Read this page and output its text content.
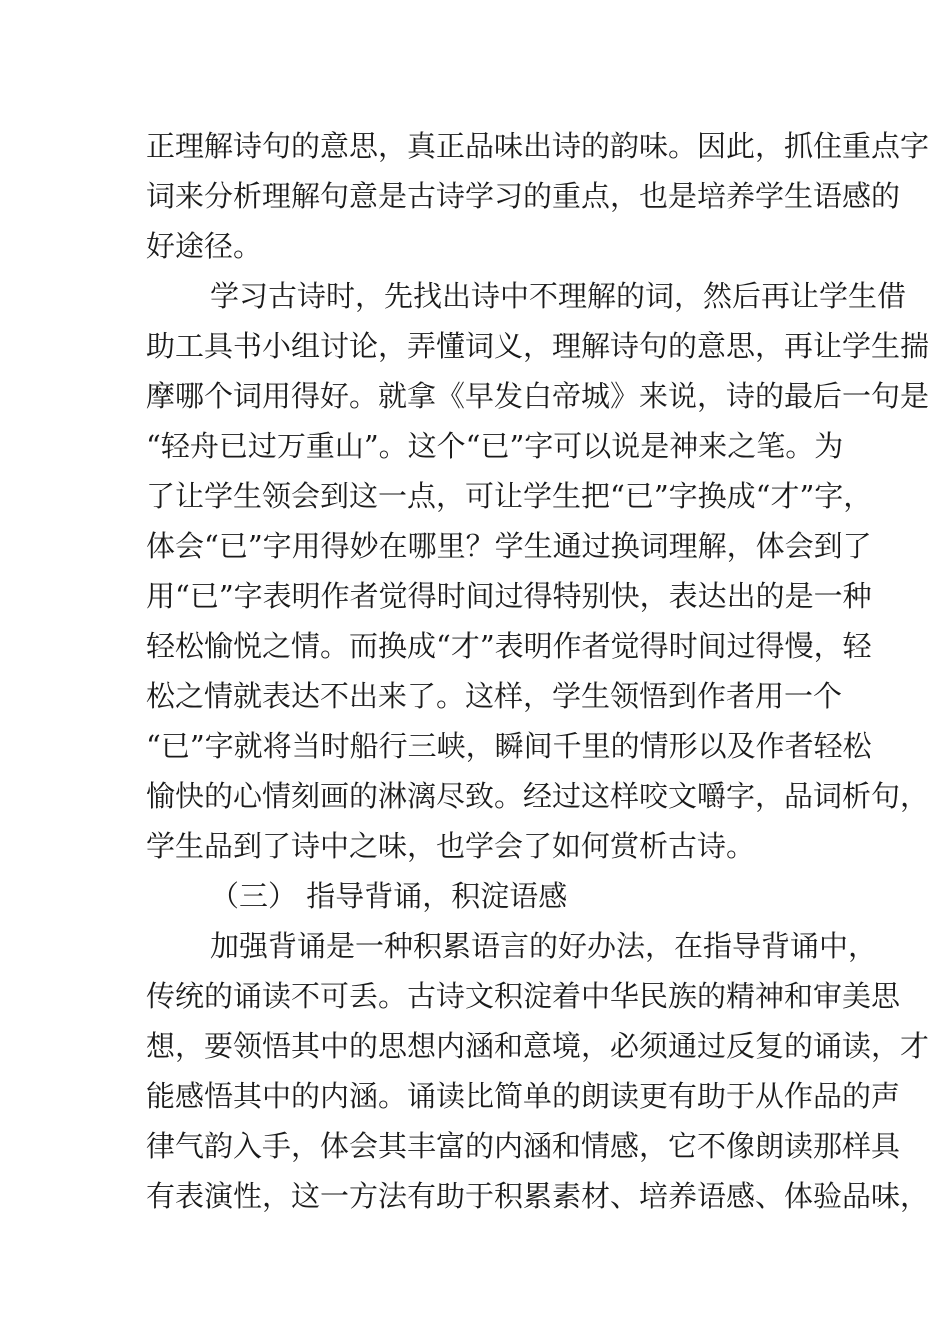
正理解诗句的意思，真正品味出诗的韵味。因此，抓住重点字
词来分析理解句意是古诗学习的重点，也是培养学生语感的
好途径。
学习古诗时，先找出诗中不理解的词，然后再让学生借
助工具书小组讨论，弄懂词义，理解诗句的意思，再让学生揣
摩哪个词用得好。就拿《早发白帝城》来说，诗的最后一句是
“轻舟已过万重山”。这个“已”字可以说是神来之笔。为
了让学生领会到这一点，可让学生把“已”字换成“才”字，
体会“已”字用得妙在哪里？学生通过换词理解，体会到了
用“已”字表明作者觉得时间过得特别快，表达出的是一种
轻松愉悦之情。而换成“才”表明作者觉得时间过得慢，轻
松之情就表达不出来了。这样，学生领悟到作者用一个
“已”字就将当时船行三峡，瞬间千里的情形以及作者轻松
愉快的心情刻画的淋漓尽致。经过这样咬文嚼字，品词析句，
学生品到了诗中之味，也学会了如何赏析古诗。
（三） 指导背诵，积淀语感
加强背诵是一种积累语言的好办法，在指导背诵中，
传统的诵读不可丢。古诗文积淀着中华民族的精神和审美思
想，要领悟其中的思想内涵和意境，必须通过反复的诵读，才
能感悟其中的内涵。诵读比简单的朗读更有助于从作品的声
律气韵入手，体会其丰富的内涵和情感，它不像朗读那样具
有表演性，这一方法有助于积累素材、培养语感、体验品味，
